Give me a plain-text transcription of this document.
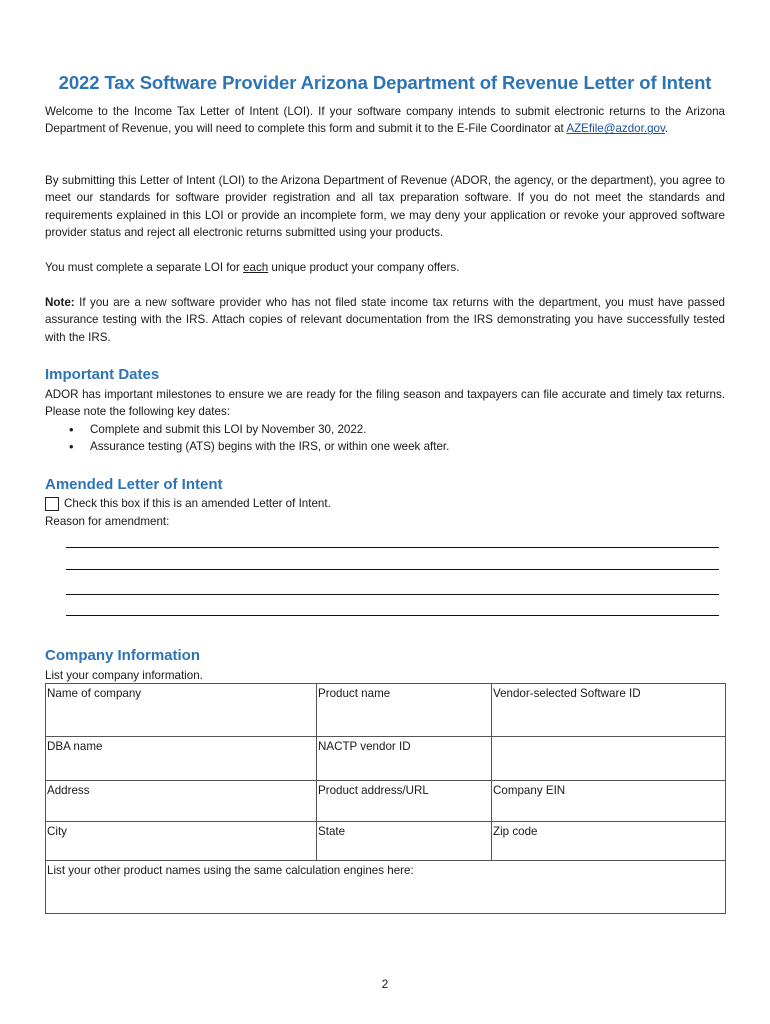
2022 Tax Software Provider Arizona Department of Revenue Letter of Intent

Welcome to the Income Tax Letter of Intent (LOI). If your software company intends to submit electronic returns to the Arizona Department of Revenue, you will need to complete this form and submit it to the E-File Coordinator at AZEfile@azdor.gov.

By submitting this Letter of Intent (LOI) to the Arizona Department of Revenue (ADOR, the agency, or the department), you agree to meet our standards for software provider registration and all tax preparation software. If you do not meet the standards and requirements explained in this LOI or provide an incomplete form, we may deny your application or revoke your approved software provider status and reject all electronic returns submitted using your products.

You must complete a separate LOI for each unique product your company offers.

Note: If you are a new software provider who has not filed state income tax returns with the department, you must have passed assurance testing with the IRS. Attach copies of relevant documentation from the IRS demonstrating you have successfully tested with the IRS.

Important Dates

ADOR has important milestones to ensure we are ready for the filing season and taxpayers can file accurate and timely tax returns. Please note the following key dates:

• Complete and submit this LOI by November 30, 2022.
• Assurance testing (ATS) begins with the IRS, or within one week after.
Amended Letter of Intent
Check this box if this is an amended Letter of Intent.

Reason for amendment:

Company Information

List your company information.

Name of company	Product name	Vendor-selected Software ID
DBA name	NACTP vendor ID	
Address	Product address/URL	Company EIN
City	State	Zip code
List your other product names using the same calculation engines here:		
2
